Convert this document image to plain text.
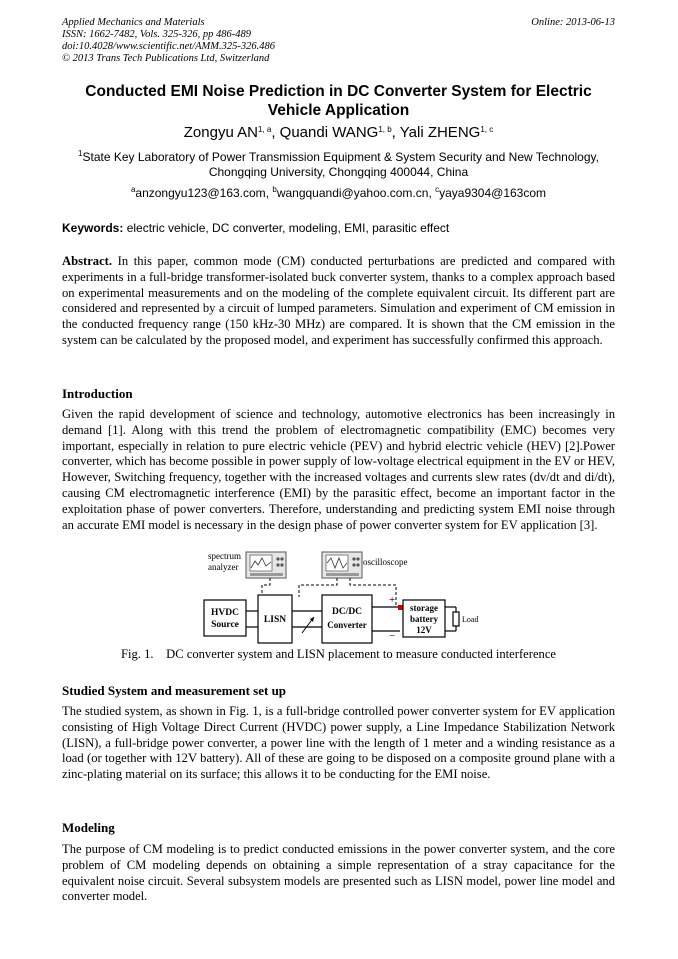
Applied Mechanics and Materials
ISSN: 1662-7482, Vols. 325-326, pp 486-489
doi:10.4028/www.scientific.net/AMM.325-326.486
© 2013 Trans Tech Publications Ltd, Switzerland
Online: 2013-06-13
Conducted EMI Noise Prediction in DC Converter System for Electric
Vehicle Application
Zongyu AN$^{1, a}$, Quandi WANG$^{1, b}$, Yali ZHENG$^{1, c}$
$^1$State Key Laboratory of Power Transmission Equipment & System Security and New Technology,
Chongqing University, Chongqing 400044, China
$^a$anzongyu123@163.com, $^b$wangquandi@yahoo.com.cn, $^c$yaya9304@163com
Keywords: electric vehicle, DC converter, modeling, EMI, parasitic effect
Abstract. In this paper, common mode (CM) conducted perturbations are predicted and compared with experiments in a full-bridge transformer-isolated buck converter system, thanks to a complex approach based on experimental measurements and on the modeling of the complete equivalent circuit. Its different part are considered and represented by a circuit of lumped parameters. Simulation and experiment of CM emission in the conducted frequency range (150 kHz-30 MHz) are compared. It is shown that the CM emission in the system can be calculated by the proposed model, and experiment has successfully confirmed this approach.
Introduction
Given the rapid development of science and technology, automotive electronics has been increasingly in demand [1]. Along with this trend the problem of electromagnetic compatibility (EMC) becomes very important, especially in relation to pure electric vehicle (PEV) and hybrid electric vehicle (HEV) [2].Power converter, which has become possible in power supply of low-voltage electrical equipment in the EV or HEV, However, Switching frequency, together with the increased voltages and currents slew rates (dv/dt and di/dt), causing CM electromagnetic interference (EMI) by the parasitic effect, become an important factor in the exploitation phase of power converters. Therefore, understanding and predicting system EMI noise through an accurate EMI model is necessary in the design phase of power converter system for EV application [3].
spectrum
analyzer	oscilloscope
HVDC
Source	LISN
DC/DC
Converter
+
−
storage
battery
12V
Load
Fig. 1.    DC converter system and LISN placement to measure conducted interference
Studied System and measurement set up
The studied system, as shown in Fig. 1, is a full-bridge controlled power converter system for EV application consisting of High Voltage Direct Current (HVDC) power supply, a Line Impedance Stabilization Network (LISN), a full-bridge power converter, a power line with the length of 1 meter and a winding resistance as a load (or together with 12V battery). All of these are going to be disposed on a composite ground plane with a zinc-plating material on its surface; this allows it to be conducting for the EMI noise.
Modeling
The purpose of CM modeling is to predict conducted emissions in the power converter system, and the core problem of CM modeling depends on obtaining a simple representation of a stray capacitance for the equivalent noise circuit. Several subsystem models are presented such as LISN model, power line model and converter model.
